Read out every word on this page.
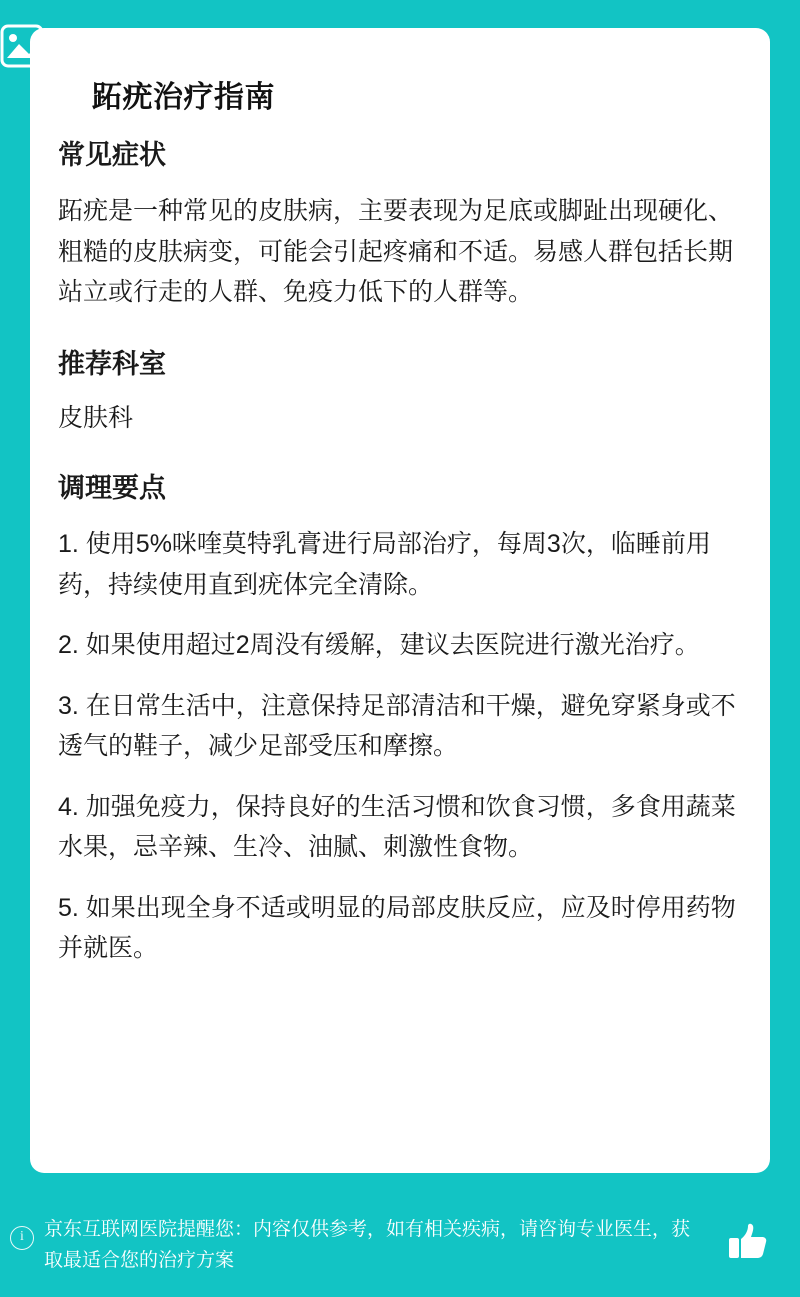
跖疣治疗指南
常见症状

跖疣是一种常见的皮肤病，主要表现为足底或脚趾出现硬化、粗糙的皮肤病变，可能会引起疼痛和不适。易感人群包括长期站立或行走的人群、免疫力低下的人群等。

推荐科室

皮肤科

调理要点
1. 使用5%咪喹莫特乳膏进行局部治疗，每周3次，临睡前用药，持续使用直到疣体完全清除。
2. 如果使用超过2周没有缓解，建议去医院进行激光治疗。
3. 在日常生活中，注意保持足部清洁和干燥，避免穿紧身或不透气的鞋子，减少足部受压和摩擦。
4. 加强免疫力，保持良好的生活习惯和饮食习惯，多食用蔬菜水果，忌辛辣、生冷、油腻、刺激性食物。
5. 如果出现全身不适或明显的局部皮肤反应，应及时停用药物并就医。
i	京东互联网医院提醒您：内容仅供参考，如有相关疾病，请咨询专业医生，获取最适合您的治疗方案
